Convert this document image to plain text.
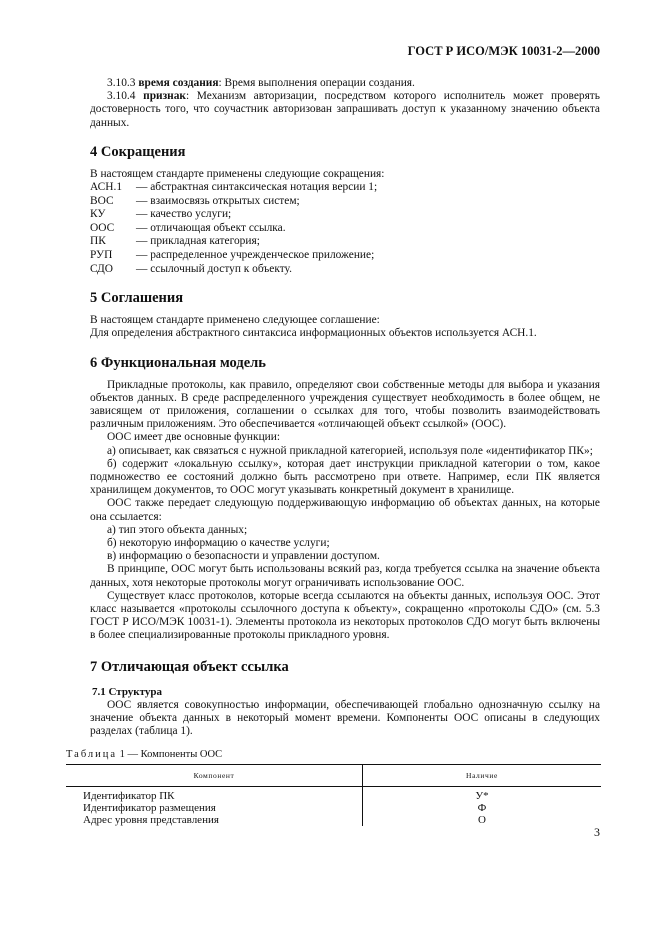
ГОСТ Р ИСО/МЭК 10031-2—2000

3.10.3 время создания: Время выполнения операции создания.

3.10.4 признак: Механизм авторизации, посредством которого исполнитель может проверять достоверность того, что соучастник авторизован запрашивать доступ к указанному значению объекта данных.

4 Сокращения

В настоящем стандарте применены следующие сокращения:

АСН.1	— абстрактная синтаксическая нотация версии 1;
ВОС	— взаимосвязь открытых систем;
КУ	— качество услуги;
ООС	— отличающая объект ссылка.
ПК	— прикладная категория;
РУП	— распределенное учрежденческое приложение;
СДО	— ссылочный доступ к объекту.
5 Соглашения

В настоящем стандарте применено следующее соглашение:

Для определения абстрактного синтаксиса информационных объектов используется АСН.1.

6 Функциональная модель

Прикладные протоколы, как правило, определяют свои собственные методы для выбора и указания объектов данных. В среде распределенного учреждения существует необходимость в более общем, не зависящем от приложения, соглашении о ссылках для того, чтобы позволить взаимодействовать различным приложениям. Это обеспечивается «отличающей объект ссылкой» (ООС).

ООС имеет две основные функции:

а) описывает, как связаться с нужной прикладной категорией, используя поле «идентификатор ПК»;

б) содержит «локальную ссылку», которая дает инструкции прикладной категории о том, какое подмножество ее состояний должно быть рассмотрено при ответе. Например, если ПК является хранилищем документов, то ООС могут указывать конкретный документ в хранилище.

ООС также передает следующую поддерживающую информацию об объектах данных, на которые она ссылается:

а) тип этого объекта данных;

б) некоторую информацию о качестве услуги;

в) информацию о безопасности и управлении доступом.

В принципе, ООС могут быть использованы всякий раз, когда требуется ссылка на значение объекта данных, хотя некоторые протоколы могут ограничивать использование ООС.

Существует класс протоколов, которые всегда ссылаются на объекты данных, используя ООС. Этот класс называется «протоколы ссылочного доступа к объекту», сокращенно «протоколы СДО» (см. 5.3 ГОСТ Р ИСО/МЭК 10031-1). Элементы протокола из некоторых протоколов СДО могут быть включены в более специализированные протоколы прикладного уровня.

7 Отличающая объект ссылка
7.1 Структура

ООС является совокупностью информации, обеспечивающей глобально однозначную ссылку на значение объекта данных в некоторый момент времени. Компоненты ООС описаны в следующих разделах (таблица 1).

Таблица 1 — Компоненты ООС

Компонент	Наличие
Идентификатор ПК	У*
Идентификатор размещения	Ф
Адрес уровня представления	О
3
